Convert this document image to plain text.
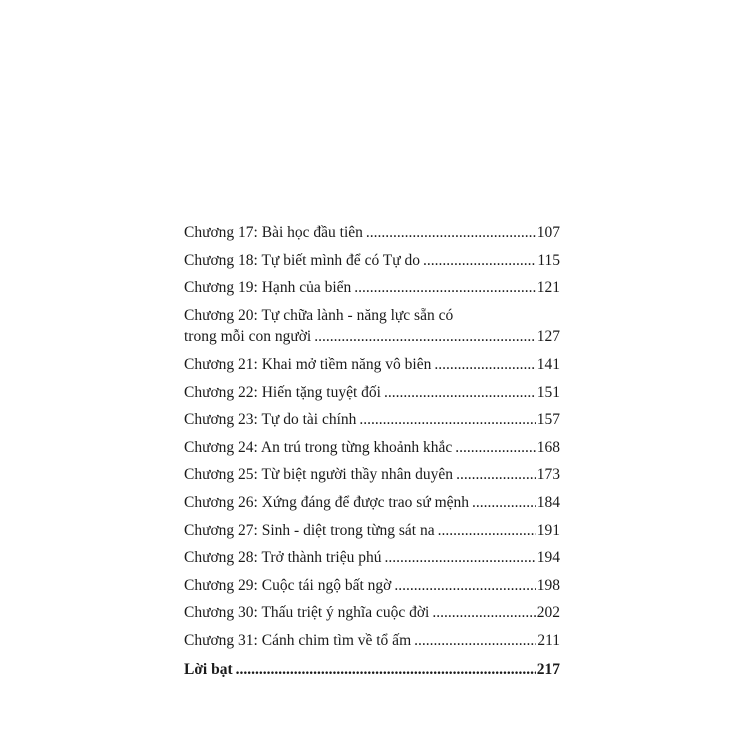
Chương 17: Bài học đầu tiên .....	107
Chương 18: Tự biết mình để có Tự do .....	115
Chương 19: Hạnh của biển .....	121
Chương 20: Tự chữa lành - năng lực sẵn có
trong mỗi con người .....	127
Chương 21: Khai mở tiềm năng vô biên .....	141
Chương 22: Hiến tặng tuyệt đối .....	151
Chương 23: Tự do tài chính .....	157
Chương 24: An trú trong từng khoảnh khắc .....	168
Chương 25: Từ biệt người thầy nhân duyên .....	173
Chương 26: Xứng đáng để được trao sứ mệnh .....	184
Chương 27: Sinh - diệt trong từng sát na .....	191
Chương 28: Trở thành triệu phú .....	194
Chương 29: Cuộc tái ngộ bất ngờ .....	198
Chương 30: Thấu triệt ý nghĩa cuộc đời .....	202
Chương 31: Cánh chim tìm về tổ ấm .....	211
Lời bạt .....	217
